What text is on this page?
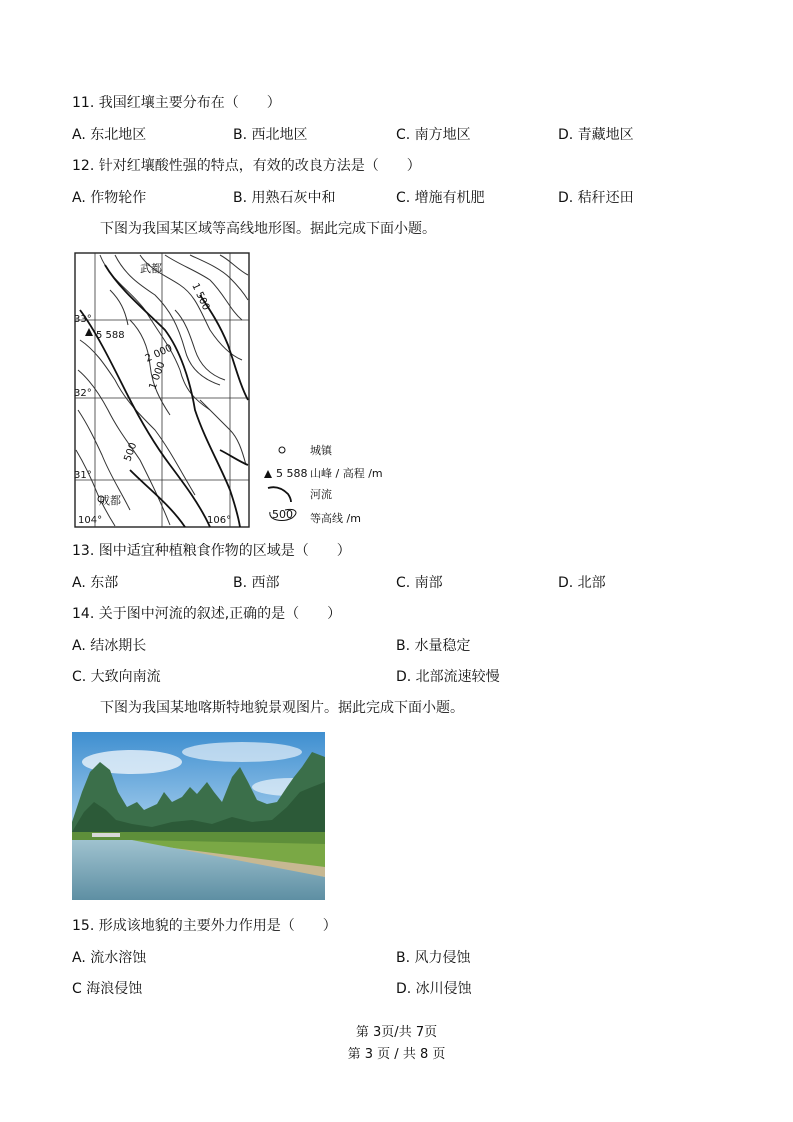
11. 我国红壤主要分布在（　　）
A. 东北地区	B. 西北地区	C. 南方地区	D. 青藏地区
12. 针对红壤酸性强的特点，有效的改良方法是（　　）
A. 作物轮作	B. 用熟石灰中和	C. 增施有机肥	D. 秸秆还田
下图为我国某区域等高线地形图。据此完成下面小题。
5 588
33°
32°
31°
104°	106°
武都
成都
1 500
2 000
1 000
500	城镇
5 588 山峰 / 高程 /m
河流
500 等高线 /m
13. 图中适宜种植粮食作物的区域是（　　）
A. 东部	B. 西部	C. 南部	D. 北部
14. 关于图中河流的叙述,正确的是（　　）
A. 结冰期长	B. 水量稳定
C. 大致向南流	D. 北部流速较慢
下图为我国某地喀斯特地貌景观图片。据此完成下面小题。
15. 形成该地貌的主要外力作用是（　　）
A. 流水溶蚀	B. 风力侵蚀
C 海浪侵蚀	D. 冰川侵蚀
第 3页/共 7页
第 3 页 / 共 8 页
